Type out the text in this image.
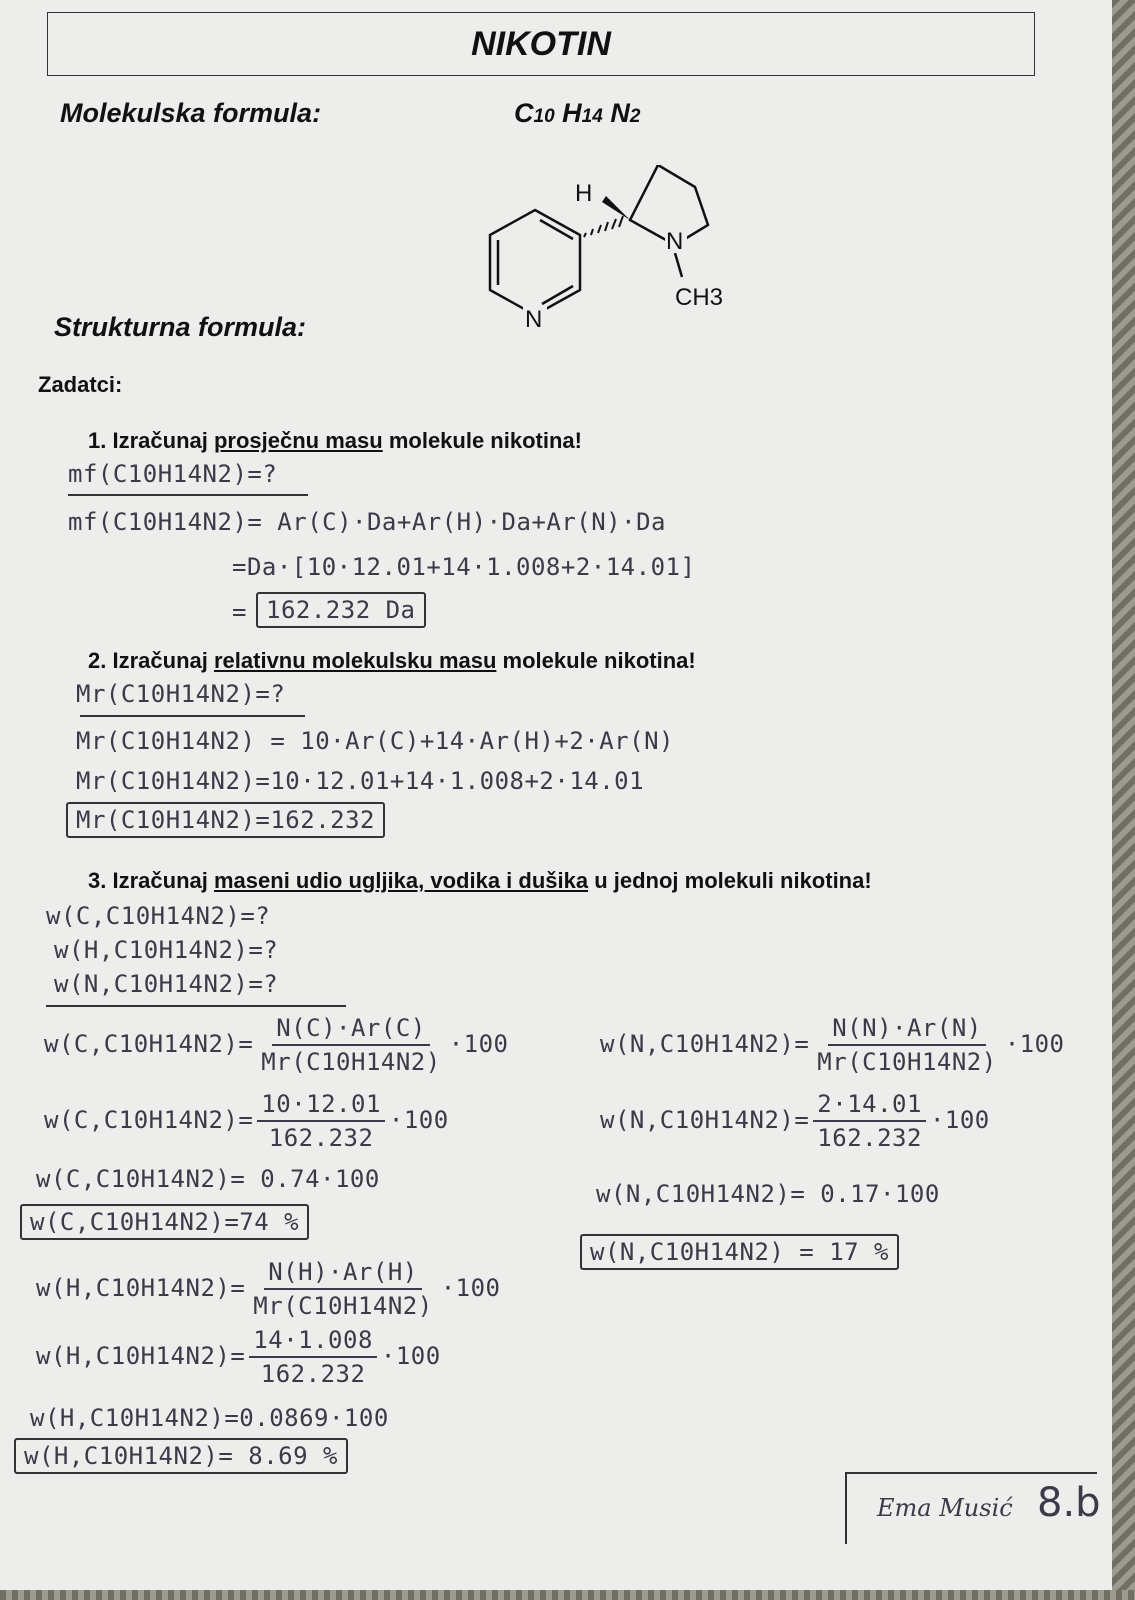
NIKOTIN
Molekulska formula:	C10 H14 N2
H
N
N
CH3
Strukturna formula:
Zadatci:
1. Izračunaj prosječnu masu molekule nikotina!
mf(C10H14N2)=?
mf(C10H14N2)= Ar(C)·Da+Ar(H)·Da+Ar(N)·Da
=Da·[10·12.01+14·1.008+2·14.01]
= 162.232 Da
2. Izračunaj relativnu molekulsku masu molekule nikotina!
Mr(C10H14N2)=?
Mr(C10H14N2) = 10·Ar(C)+14·Ar(H)+2·Ar(N)
Mr(C10H14N2)=10·12.01+14·1.008+2·14.01
Mr(C10H14N2)=162.232
3. Izračunaj maseni udio ugljika, vodika i dušika u jednoj molekuli nikotina!
w(C,C10H14N2)=?
w(H,C10H14N2)=?
w(N,C10H14N2)=?
$w(C,C10H14N2)= \frac{N(C)\cdot Ar(C)}{Mr(C10H14N2)} \cdot 100$
$w(C,C10H14N2)= \frac{10\cdot 12.01}{162.232} \cdot 100$
w(C,C10H14N2)= 0.74·100
w(C,C10H14N2)=74 %
$w(H,C10H14N2)= \frac{N(H)\cdot Ar(H)}{Mr(C10H14N2)} \cdot 100$
$w(H,C10H14N2)= \frac{14\cdot 1.008}{162.232} \cdot 100$
w(H,C10H14N2)=0.0869·100
w(H,C10H14N2)= 8.69 %
$w(N,C10H14N2)= \frac{N(N)\cdot Ar(N)}{Mr(C10H14N2)} \cdot 100$
$w(N,C10H14N2)= \frac{2\cdot 14.01}{162.232} \cdot 100$
w(N,C10H14N2)= 0.17·100
w(N,C10H14N2) = 17 %
Ema Musić 8.b
